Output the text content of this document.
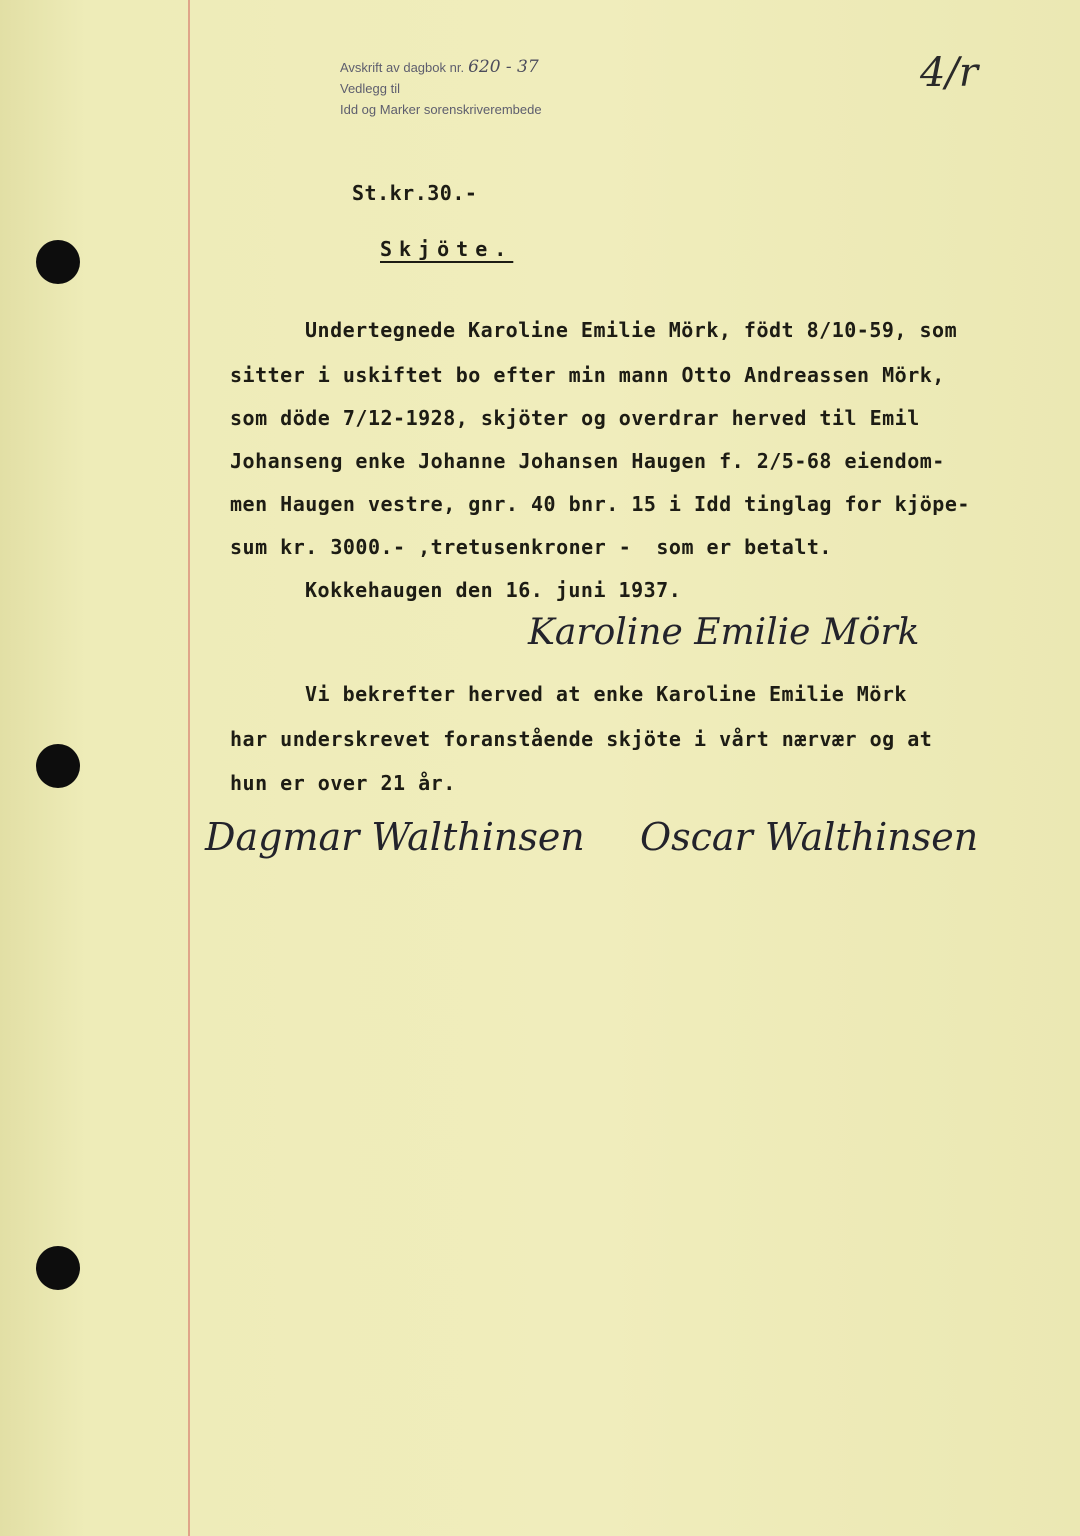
Avskrift av dagbok nr. 620 - 37
Vedlegg til
Idd og Marker sorenskriverembede
4/r
St.kr.30.-
Skjöte.
Undertegnede Karoline Emilie Mörk, födt 8/10-59, som
sitter i uskiftet bo efter min mann Otto Andreassen Mörk,
som döde 7/12-1928, skjöter og overdrar herved til Emil
Johanseng enke Johanne Johansen Haugen f. 2/5-68 eiendom-
men Haugen vestre, gnr. 40 bnr. 15 i Idd tinglag for kjöpe-
sum kr. 3000.- ,tretusenkroner -  som er betalt.
Kokkehaugen den 16. juni 1937.
Karoline Emilie Mörk
Vi bekrefter herved at enke Karoline Emilie Mörk
har underskrevet foranstående skjöte i vårt nærvær og at
hun er over 21 år.
Dagmar Walthinsen Oscar Walthinsen
